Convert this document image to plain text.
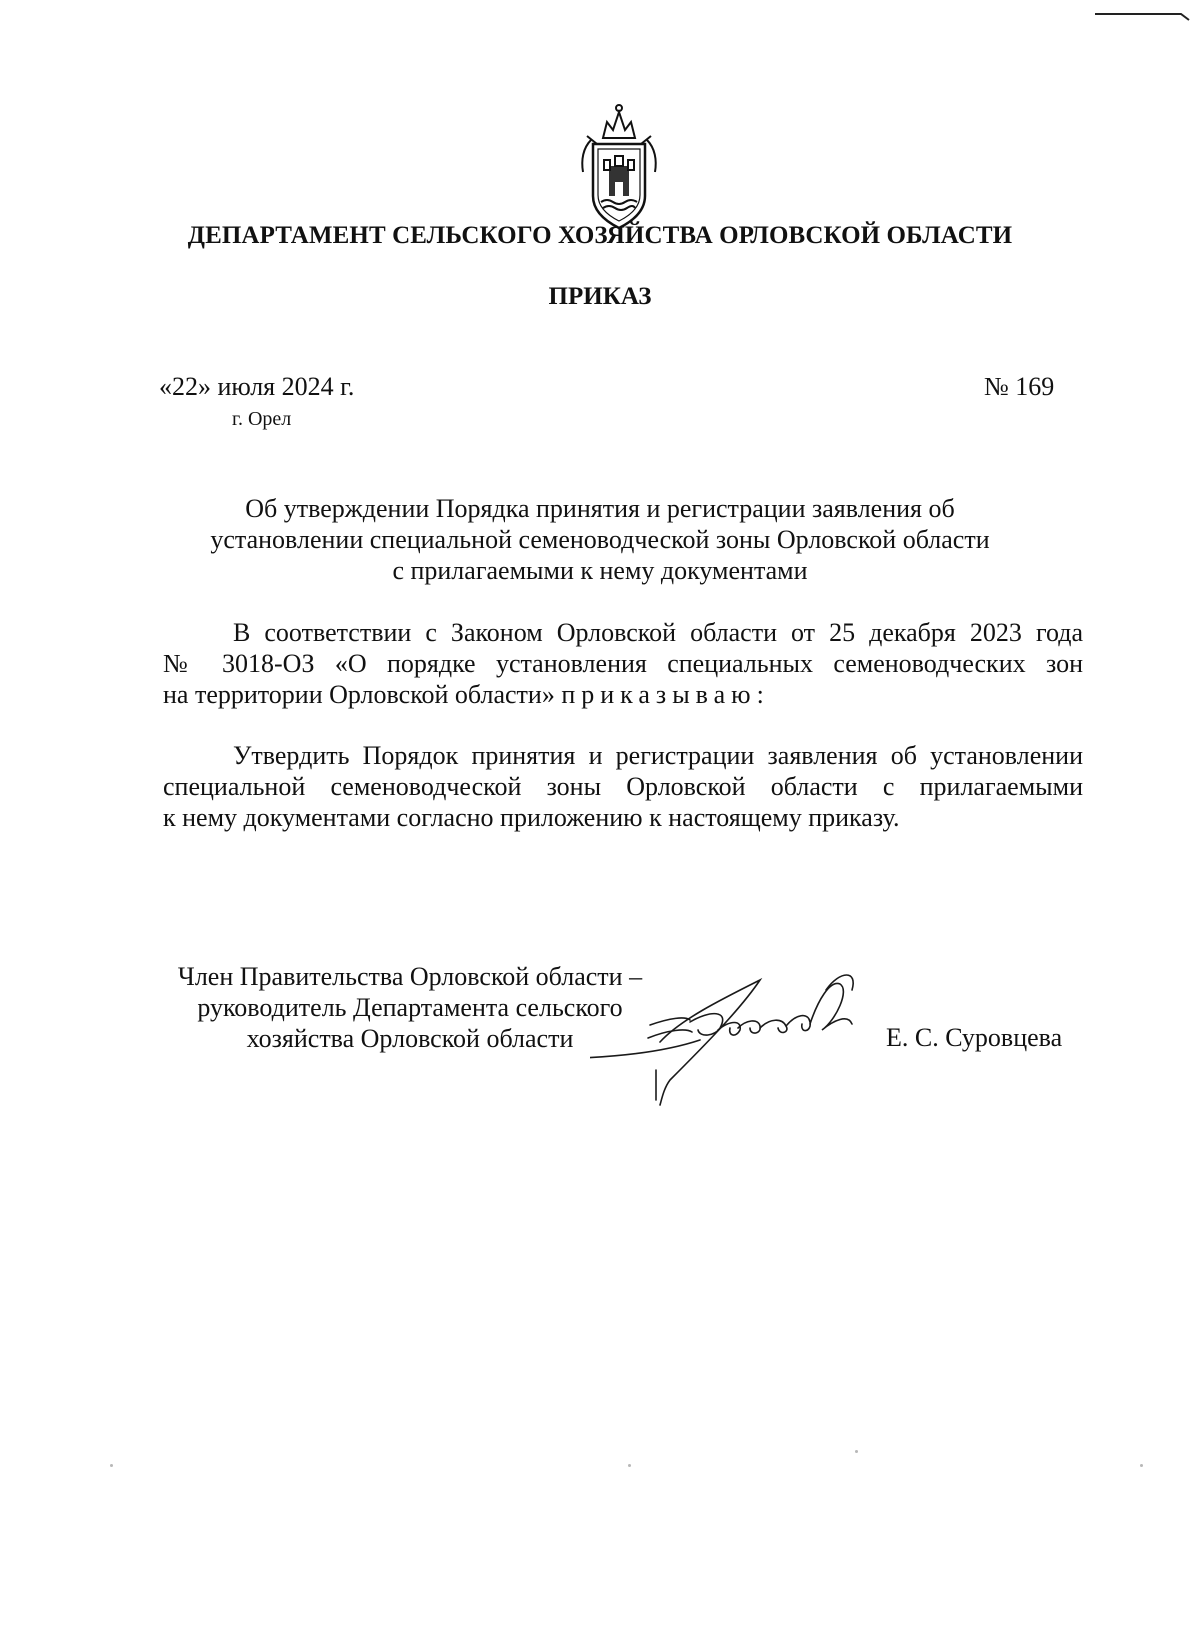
ДЕПАРТАМЕНТ СЕЛЬСКОГО ХОЗЯЙСТВА ОРЛОВСКОЙ ОБЛАСТИ
ПРИКАЗ
«22» июля 2024 г.
г. Орел
№ 169
Об утверждении Порядка принятия и регистрации заявления об
установлении специальной семеноводческой зоны Орловской области
с прилагаемыми к нему документами
В соответствии с Законом Орловской области от 25 декабря 2023 года
№ 3018-ОЗ «О порядке установления специальных семеноводческих зон
на территории Орловской области» приказываю:
Утвердить Порядок принятия и регистрации заявления об установлении
специальной семеноводческой зоны Орловской области с прилагаемыми
к нему документами согласно приложению к настоящему приказу.
Член Правительства Орловской области –
руководитель Департамента сельского
хозяйства Орловской области	Е. С. Суровцева
